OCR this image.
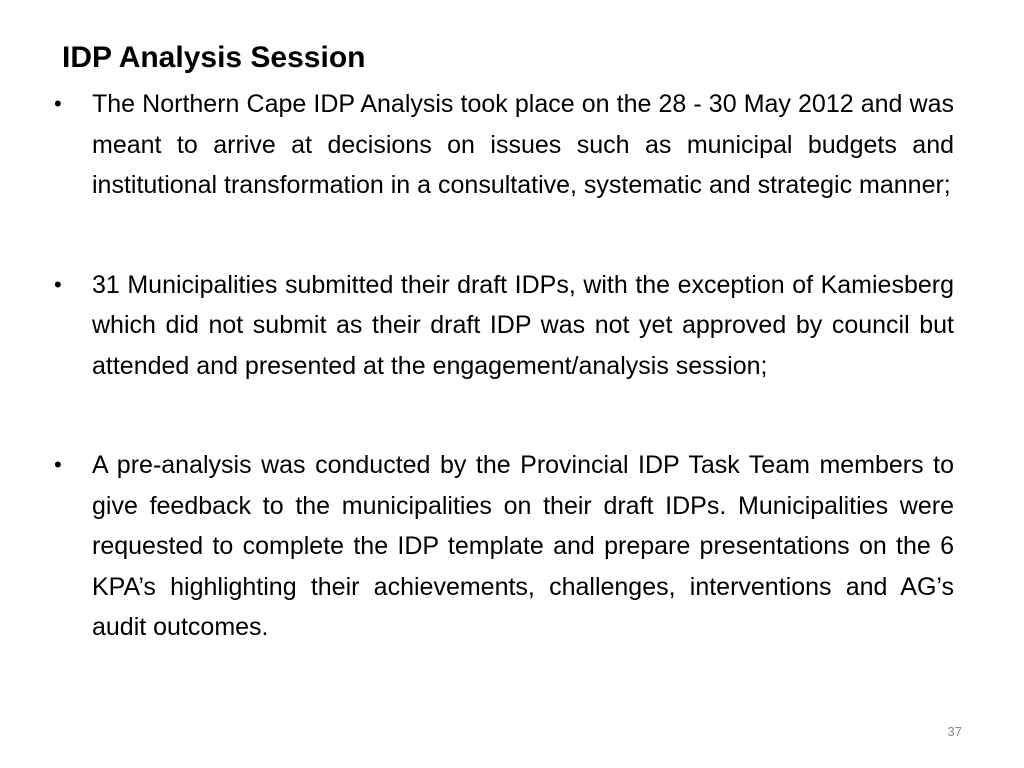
IDP Analysis Session
• The Northern Cape IDP Analysis took place on the 28 - 30 May 2012 and was meant to arrive at decisions on issues such as municipal budgets and institutional transformation in a consultative, systematic and strategic manner;
• 31 Municipalities submitted their draft IDPs, with the exception of Kamiesberg which did not submit as their draft IDP was not yet approved by council but attended and presented at the engagement/analysis session;
• A pre-analysis was conducted by the Provincial IDP Task Team members to give feedback to the municipalities on their draft IDPs. Municipalities were requested to complete the IDP template and prepare presentations on the 6 KPA’s highlighting their achievements, challenges, interventions and AG’s audit outcomes.
37
